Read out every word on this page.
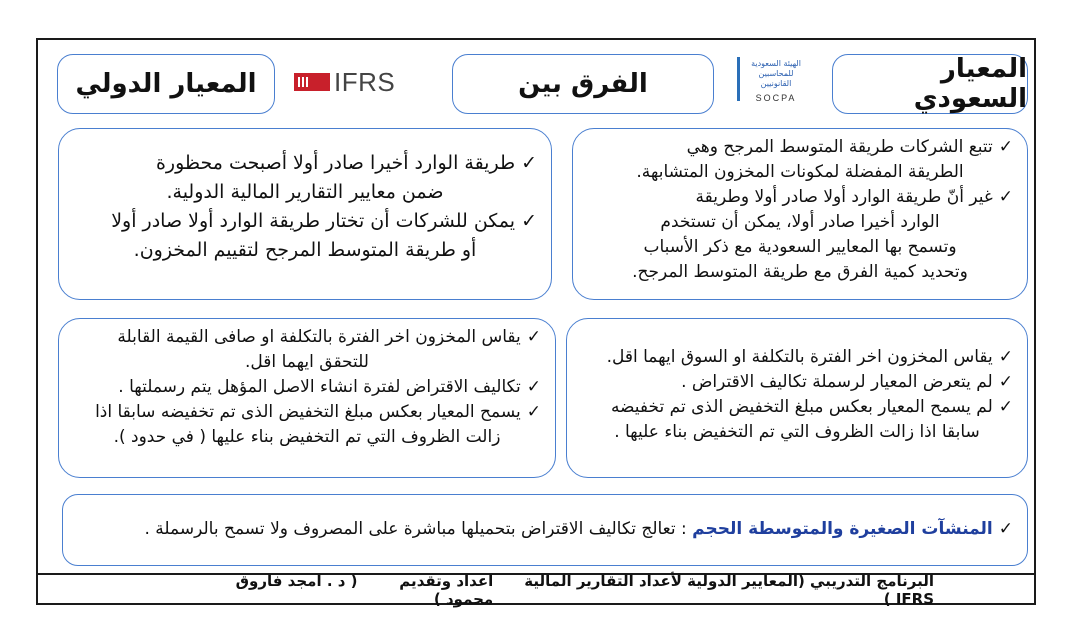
المعيار الدولي	IFRS	الفرق بين
الهيئة السعودية للمحاسبين القانونيين
SOCPA
المعيار السعودي

✓طريقة الوارد أخيرا صادر أولا أصبحت محظورة

ضمن معايير التقارير المالية الدولية.

✓يمكن للشركات أن تختار طريقة الوارد أولا صادر أولا

أو طريقة المتوسط المرجح لتقييم المخزون.

✓تتبع الشركات طريقة المتوسط المرجح وهي

الطريقة المفضلة لمكونات المخزون المتشابهة.

✓غير أنّ طريقة الوارد أولا صادر أولا وطريقة

الوارد أخيرا صادر أولا، يمكن أن تستخدم

وتسمح بها المعايير السعودية مع ذكر الأسباب

وتحديد كمية الفرق مع طريقة المتوسط المرجح.

✓يقاس المخزون اخر الفترة بالتكلفة او صافى القيمة القابلة

للتحقق ايهما اقل.

✓تكاليف الاقتراض لفترة انشاء الاصل المؤهل يتم رسملتها .

✓يسمح المعيار بعكس مبلغ التخفيض الذى تم تخفيضه سابقا اذا

زالت الظروف التي تم التخفيض بناء عليها ( في حدود ).

✓يقاس المخزون اخر الفترة بالتكلفة او السوق ايهما اقل.

✓لم يتعرض المعيار لرسملة تكاليف الاقتراض .

✓لم يسمح المعيار بعكس مبلغ التخفيض الذى تم تخفيضه

سابقا اذا زالت الظروف التي تم التخفيض بناء عليها .

✓المنشآت الصغيرة والمتوسطة الحجم : تعالج تكاليف الاقتراض بتحميلها مباشرة على المصروف ولا تسمح بالرسملة .

البرنامج التدريبي (المعايير الدولية لأعداد التقارير المالية IFRS )
اعداد وتقديم        ( د . امجد فاروق محمود )
